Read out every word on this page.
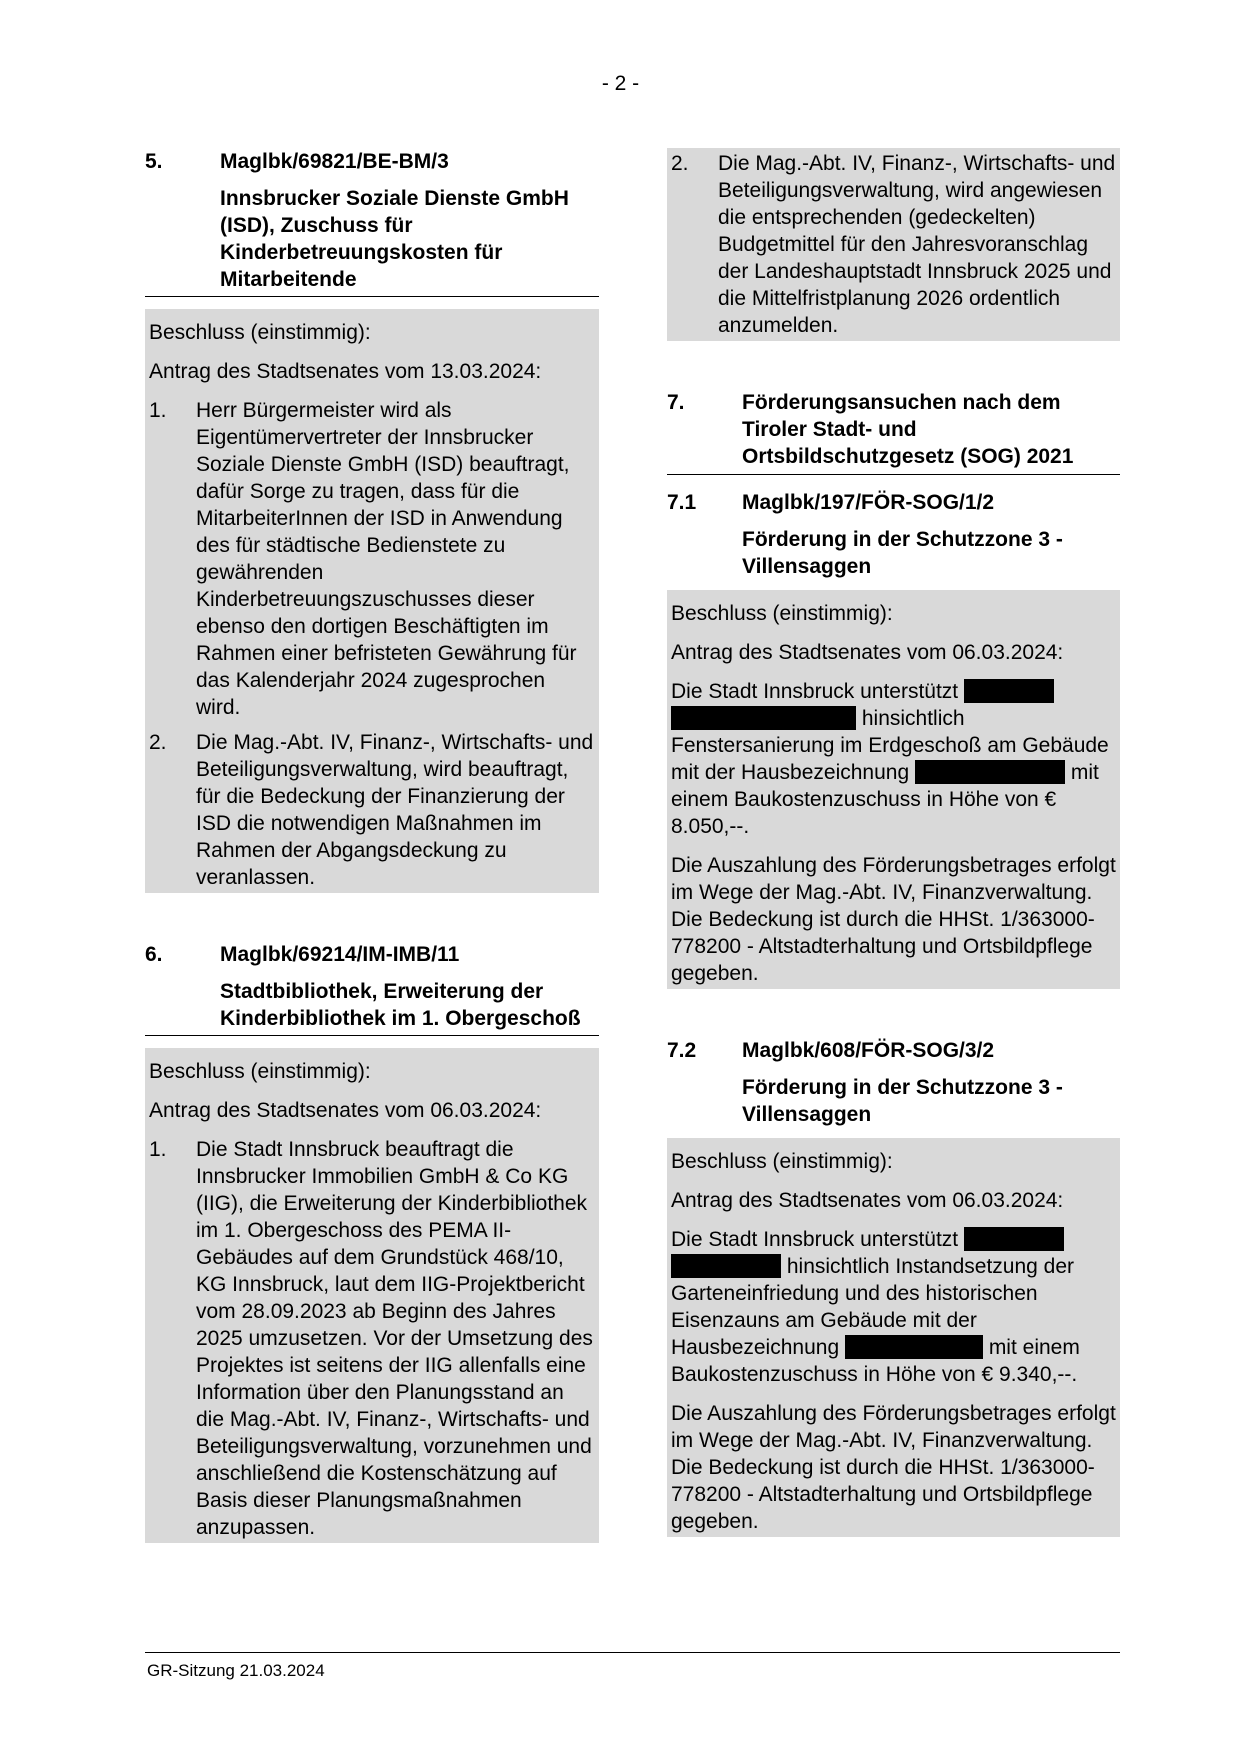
- 2 -
5.	Maglbk/69821/BE-BM/3
Innsbrucker Soziale Dienste GmbH (ISD), Zuschuss für Kinderbetreuungskosten für Mitarbeitende

Beschluss (einstimmig):

Antrag des Stadtsenates vom 13.03.2024:

1.	Herr Bürgermeister wird als Eigentümervertreter der Innsbrucker Soziale Dienste GmbH (ISD) beauftragt, dafür Sorge zu tragen, dass für die MitarbeiterInnen der ISD in Anwendung des für städtische Bedienstete zu gewährenden Kinderbetreuungszuschusses dieser ebenso den dortigen Beschäftigten im Rahmen einer befristeten Gewährung für das Kalenderjahr 2024 zugesprochen wird.
2.	Die Mag.-Abt. IV, Finanz-, Wirtschafts- und Beteiligungsverwaltung, wird beauftragt, für die Bedeckung der Finanzierung der ISD die notwendigen Maßnahmen im Rahmen der Abgangsdeckung zu veranlassen.
6.	Maglbk/69214/IM-IMB/11
Stadtbibliothek, Erweiterung der Kinderbibliothek im 1. Obergeschoß

Beschluss (einstimmig):

Antrag des Stadtsenates vom 06.03.2024:

1.	Die Stadt Innsbruck beauftragt die Innsbrucker Immobilien GmbH & Co KG (IIG), die Erweiterung der Kinderbibliothek im 1. Obergeschoss des PEMA II-Gebäudes auf dem Grundstück 468/10, KG Innsbruck, laut dem IIG-Projektbericht vom 28.09.2023 ab Beginn des Jahres 2025 umzusetzen. Vor der Umsetzung des Projektes ist seitens der IIG allenfalls eine Information über den Planungsstand an die Mag.-Abt. IV, Finanz-, Wirtschafts- und Beteiligungsverwaltung, vorzunehmen und anschließend die Kostenschätzung auf Basis dieser Planungsmaßnahmen anzupassen.
2.	Die Mag.-Abt. IV, Finanz-, Wirtschafts- und Beteiligungsverwaltung, wird angewiesen die entsprechenden (gedeckelten) Budgetmittel für den Jahresvoranschlag der Landeshauptstadt Innsbruck 2025 und die Mittelfristplanung 2026 ordentlich anzumelden.
7.	Förderungsansuchen nach dem Tiroler Stadt- und Ortsbildschutzgesetz (SOG) 2021
7.1	Maglbk/197/FÖR-SOG/1/2
Förderung in der Schutzzone 3 - Villensaggen

Beschluss (einstimmig):

Antrag des Stadtsenates vom 06.03.2024:

Die Stadt Innsbruck unterstützt   hinsichtlich Fenstersanierung im Erdgeschoß am Gebäude mit der Hausbezeichnung	mit einem Baukostenzuschuss in Höhe von € 8.050,--.

Die Auszahlung des Förderungsbetrages erfolgt im Wege der Mag.-Abt. IV, Finanzverwaltung. Die Bedeckung ist durch die HHSt. 1/363000-778200 - Altstadterhaltung und Ortsbildpflege gegeben.

7.2	Maglbk/608/FÖR-SOG/3/2
Förderung in der Schutzzone 3 - Villensaggen

Beschluss (einstimmig):

Antrag des Stadtsenates vom 06.03.2024:

Die Stadt Innsbruck unterstützt   hinsichtlich Instandsetzung der Garteneinfriedung und des historischen Eisenzauns am Gebäude mit der Hausbezeichnung	mit einem Baukostenzuschuss in Höhe von € 9.340,--.

Die Auszahlung des Förderungsbetrages erfolgt im Wege der Mag.-Abt. IV, Finanzverwaltung. Die Bedeckung ist durch die HHSt. 1/363000-778200 - Altstadterhaltung und Ortsbildpflege gegeben.

GR-Sitzung 21.03.2024
